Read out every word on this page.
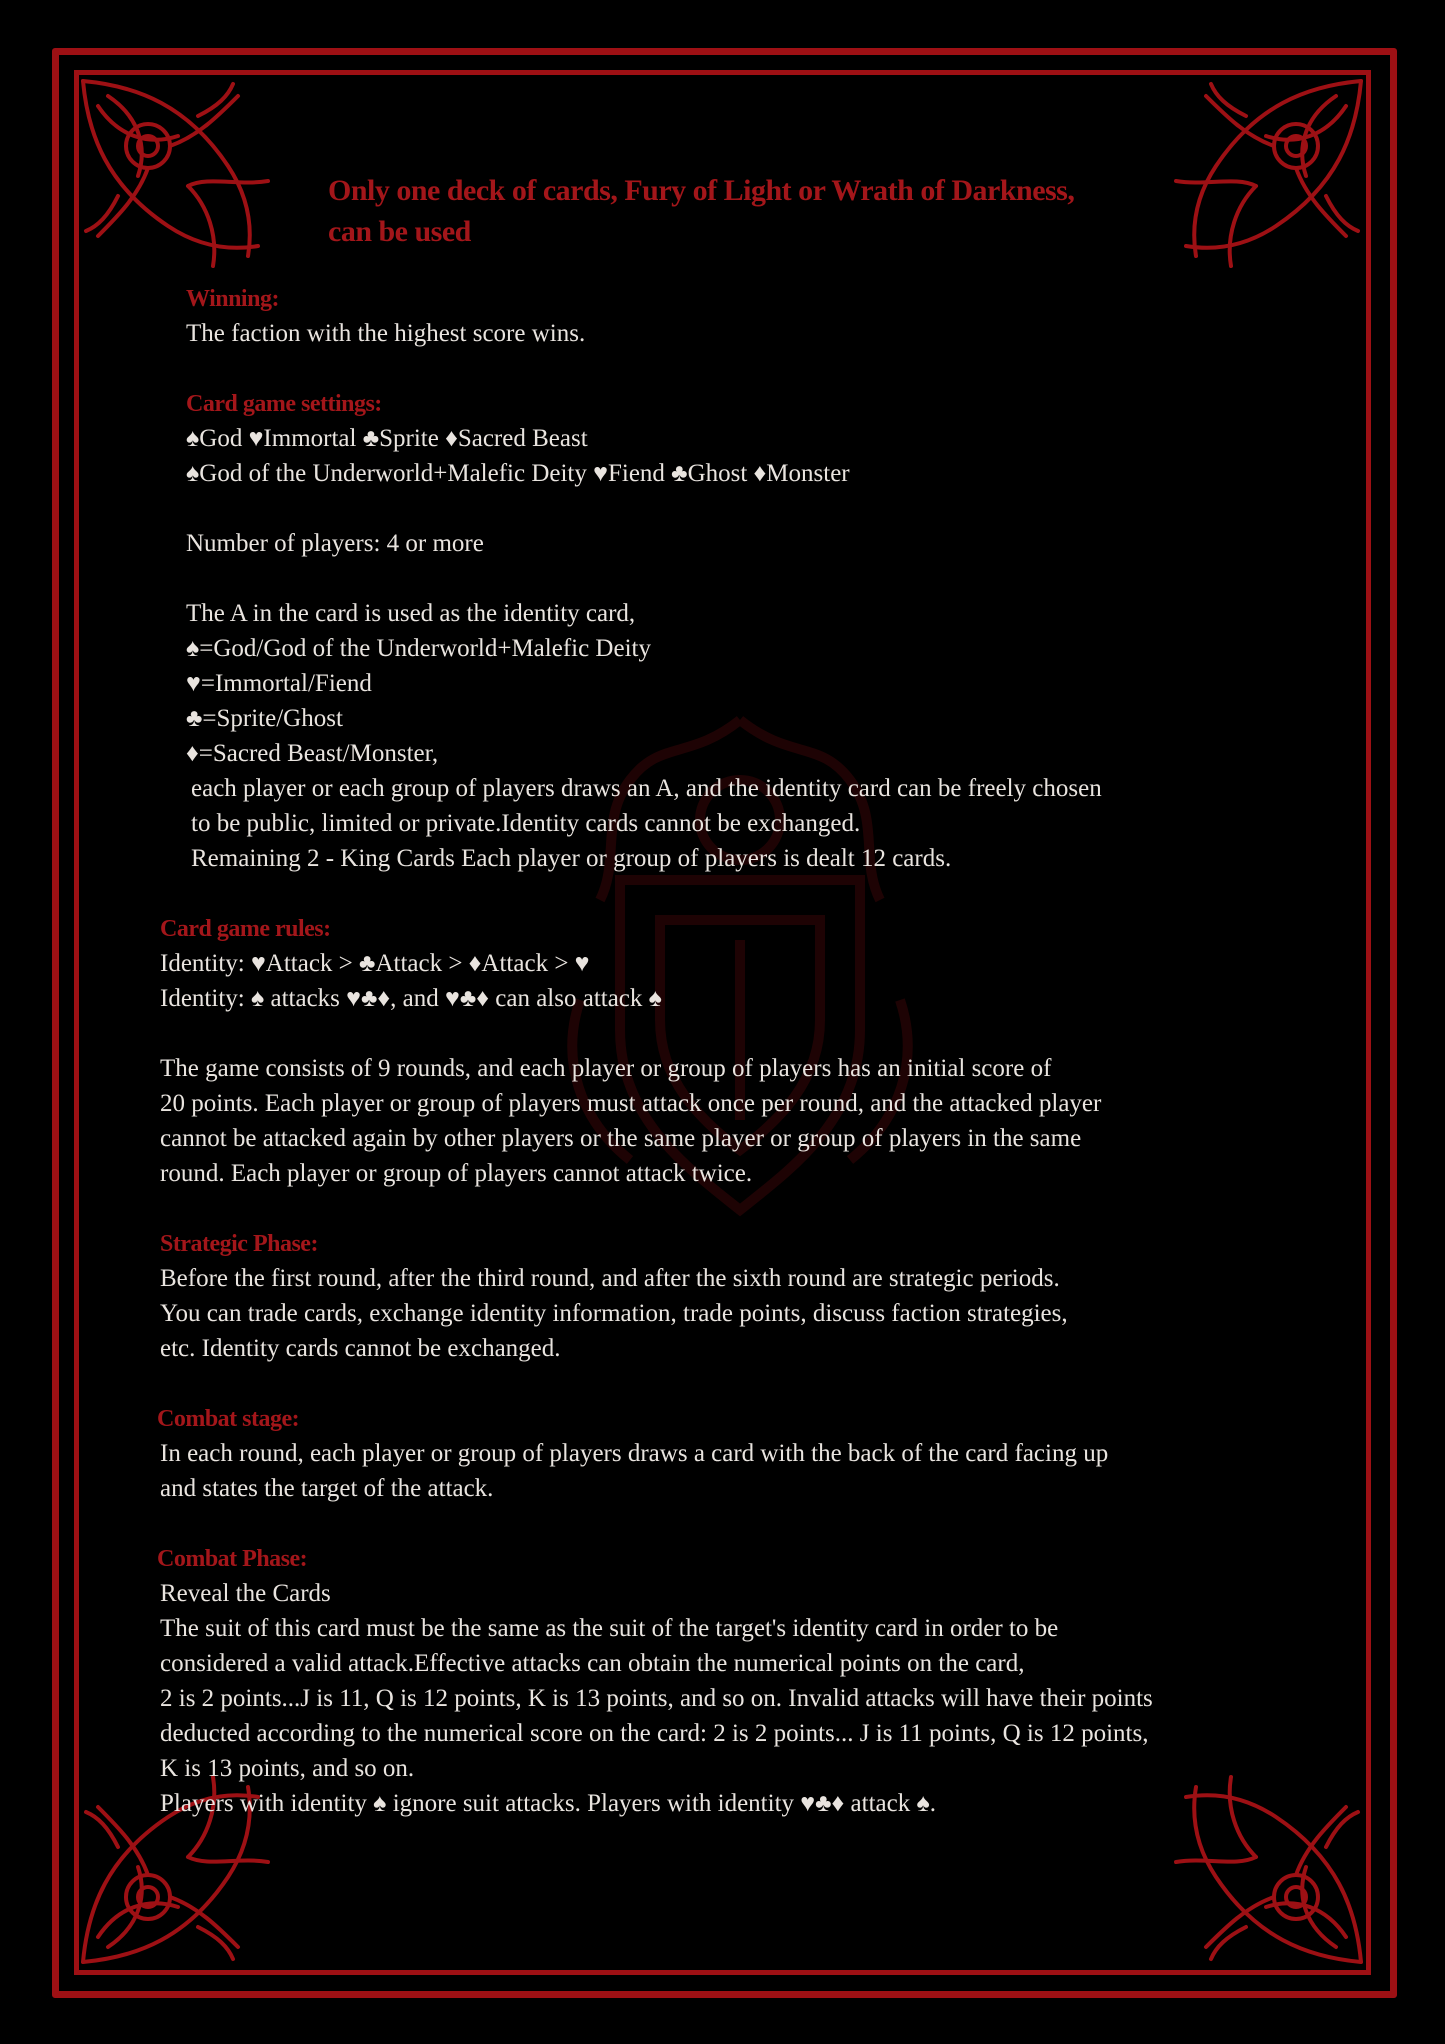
Only one deck of cards, Fury of Light or Wrath of Darkness,
can be used
Winning:
The faction with the highest score wins.
Card game settings:
♠God ♥Immortal ♣Sprite ♦Sacred Beast
♠God of the Underworld+Malefic Deity ♥Fiend ♣Ghost ♦Monster
Number of players: 4 or more
The A in the card is used as the identity card,
♠=God/God of the Underworld+Malefic Deity
♥=Immortal/Fiend
♣=Sprite/Ghost
♦=Sacred Beast/Monster,
each player or each group of players draws an A, and the identity card can be freely chosen
to be public, limited or private.Identity cards cannot be exchanged.
Remaining 2 - King Cards Each player or group of players is dealt 12 cards.
Card game rules:
Identity: ♥Attack > ♣Attack > ♦Attack > ♥
Identity: ♠ attacks ♥♣♦, and ♥♣♦ can also attack ♠
The game consists of 9 rounds, and each player or group of players has an initial score of
20 points. Each player or group of players must attack once per round, and the attacked player
cannot be attacked again by other players or the same player or group of players in the same
round. Each player or group of players cannot attack twice.
Strategic Phase:
Before the first round, after the third round, and after the sixth round are strategic periods.
You can trade cards, exchange identity information, trade points, discuss faction strategies,
etc. Identity cards cannot be exchanged.
Combat stage:
In each round, each player or group of players draws a card with the back of the card facing up
and states the target of the attack.
Combat Phase:
Reveal the Cards
The suit of this card must be the same as the suit of the target's identity card in order to be
considered a valid attack.Effective attacks can obtain the numerical points on the card,
2 is 2 points...J is 11, Q is 12 points, K is 13 points, and so on. Invalid attacks will have their points
deducted according to the numerical score on the card: 2 is 2 points... J is 11 points, Q is 12 points,
K is 13 points, and so on.
Players with identity ♠ ignore suit attacks. Players with identity ♥♣♦ attack ♠.
